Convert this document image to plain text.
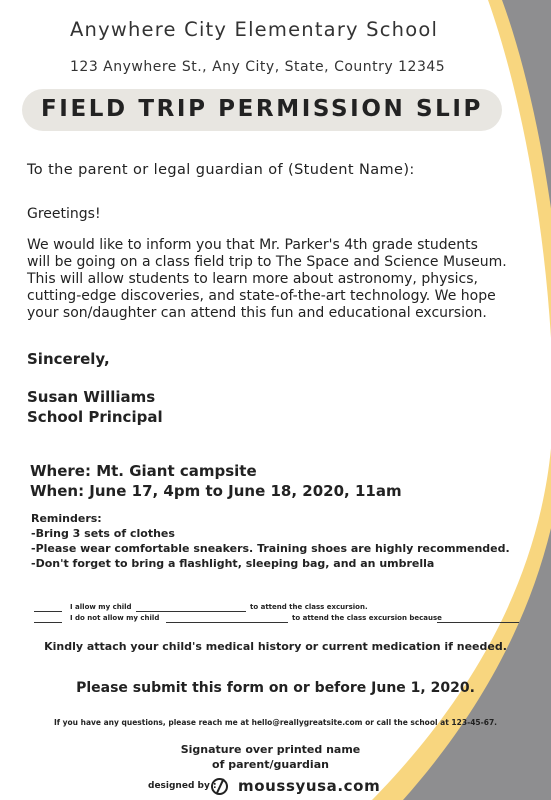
Anywhere City Elementary School
123 Anywhere St., Any City, State, Country 12345
FIELD TRIP PERMISSION SLIP
To the parent or legal guardian of (Student Name):
Greetings!
We would like to inform you that Mr. Parker's 4th grade students
will be going on a class field trip to The Space and Science Museum.
This will allow students to learn more about astronomy, physics,
cutting-edge discoveries, and state-of-the-art technology. We hope
your son/daughter can attend this fun and educational excursion.
Sincerely,
Susan Williams
School Principal
Where: Mt. Giant campsite
When: June 17, 4pm to June 18, 2020, 11am
Reminders:
-Bring 3 sets of clothes
-Please wear comfortable sneakers. Training shoes are highly recommended.
-Don't forget to bring a flashlight, sleeping bag, and an umbrella
I allow my child	to attend the class excursion.
I do not allow my child	to attend the class excursion because
Kindly attach your child's medical history or current medication if needed.
Please submit this form on or before June 1, 2020.
If you have any questions, please reach me at hello@reallygreatsite.com or call the school at 123-45-67.
Signature over printed name
of parent/guardian
designed by : moussyusa.com
